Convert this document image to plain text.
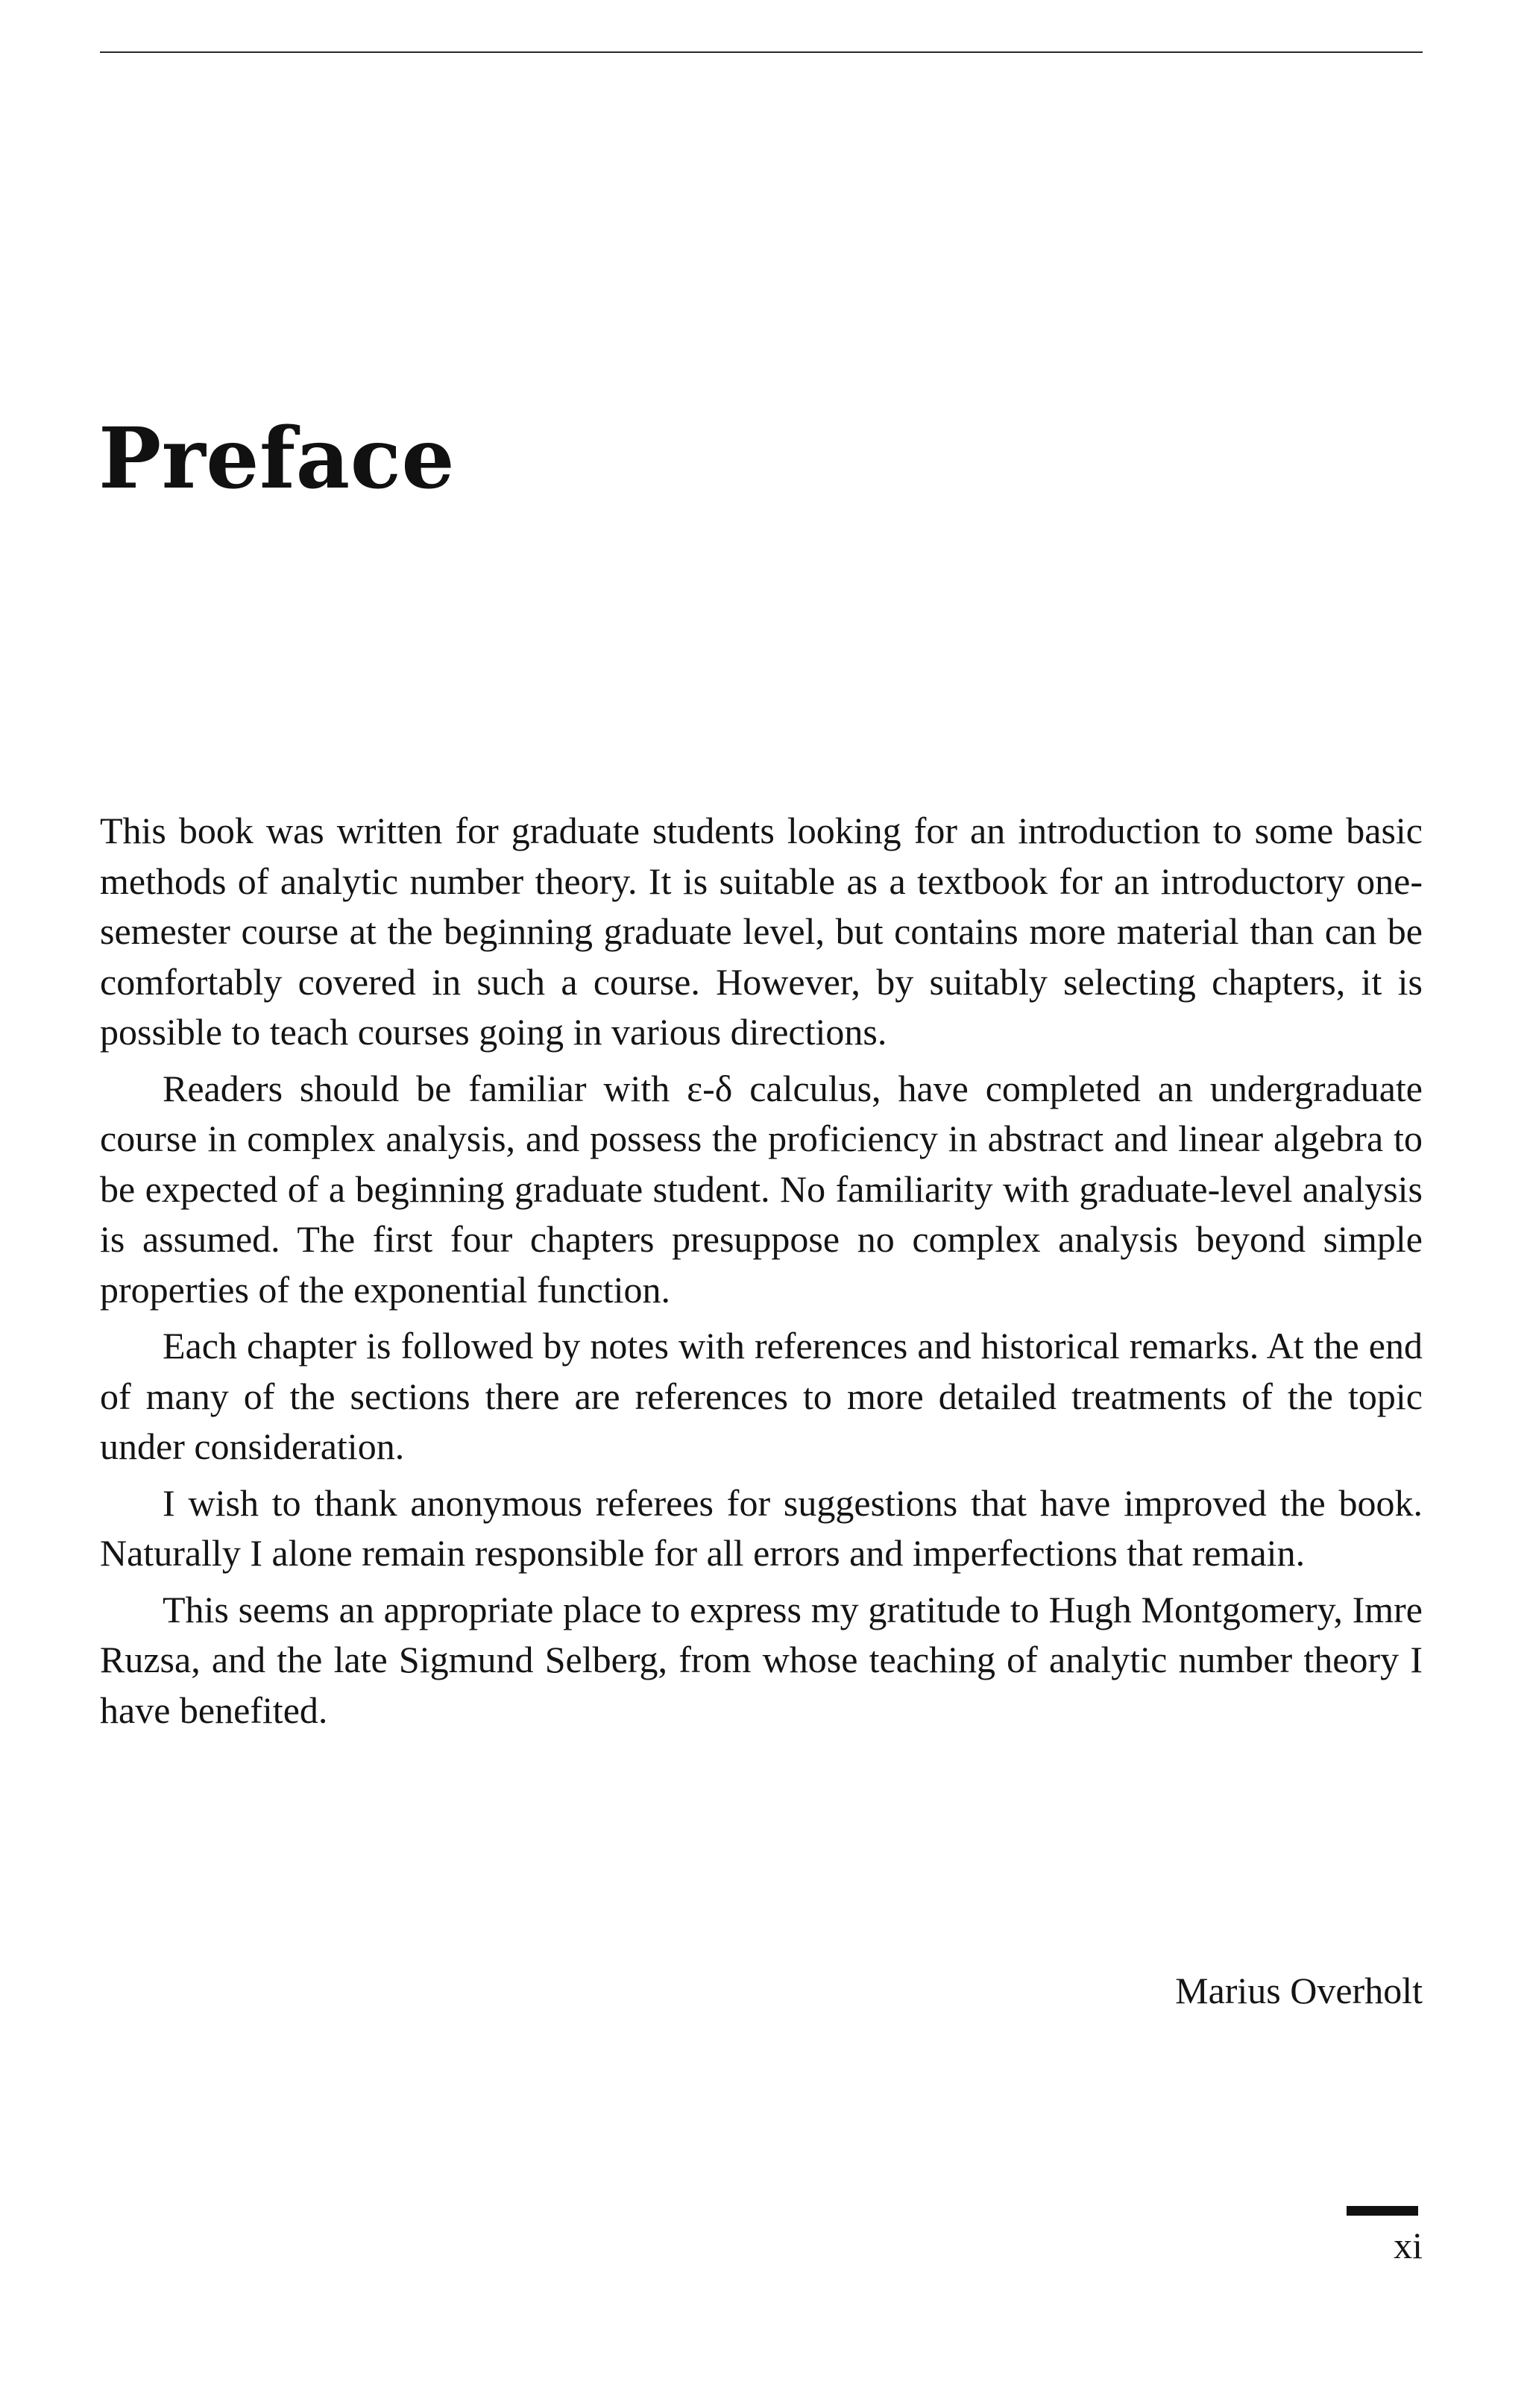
Preface

This book was written for graduate students looking for an introduction to some basic methods of analytic number theory. It is suitable as a textbook for an introductory one-semester course at the beginning graduate level, but contains more material than can be comfortably covered in such a course. However, by suitably selecting chapters, it is possible to teach courses going in various directions.

Readers should be familiar with ε-δ calculus, have completed an undergraduate course in complex analysis, and possess the proficiency in abstract and linear algebra to be expected of a beginning graduate student. No familiarity with graduate-level analysis is assumed. The first four chapters presuppose no complex analysis beyond simple properties of the exponential function.

Each chapter is followed by notes with references and historical remarks. At the end of many of the sections there are references to more detailed treatments of the topic under consideration.

I wish to thank anonymous referees for suggestions that have improved the book. Naturally I alone remain responsible for all errors and imperfections that remain.

This seems an appropriate place to express my gratitude to Hugh Montgomery, Imre Ruzsa, and the late Sigmund Selberg, from whose teaching of analytic number theory I have benefited.

Marius Overholt

xi
